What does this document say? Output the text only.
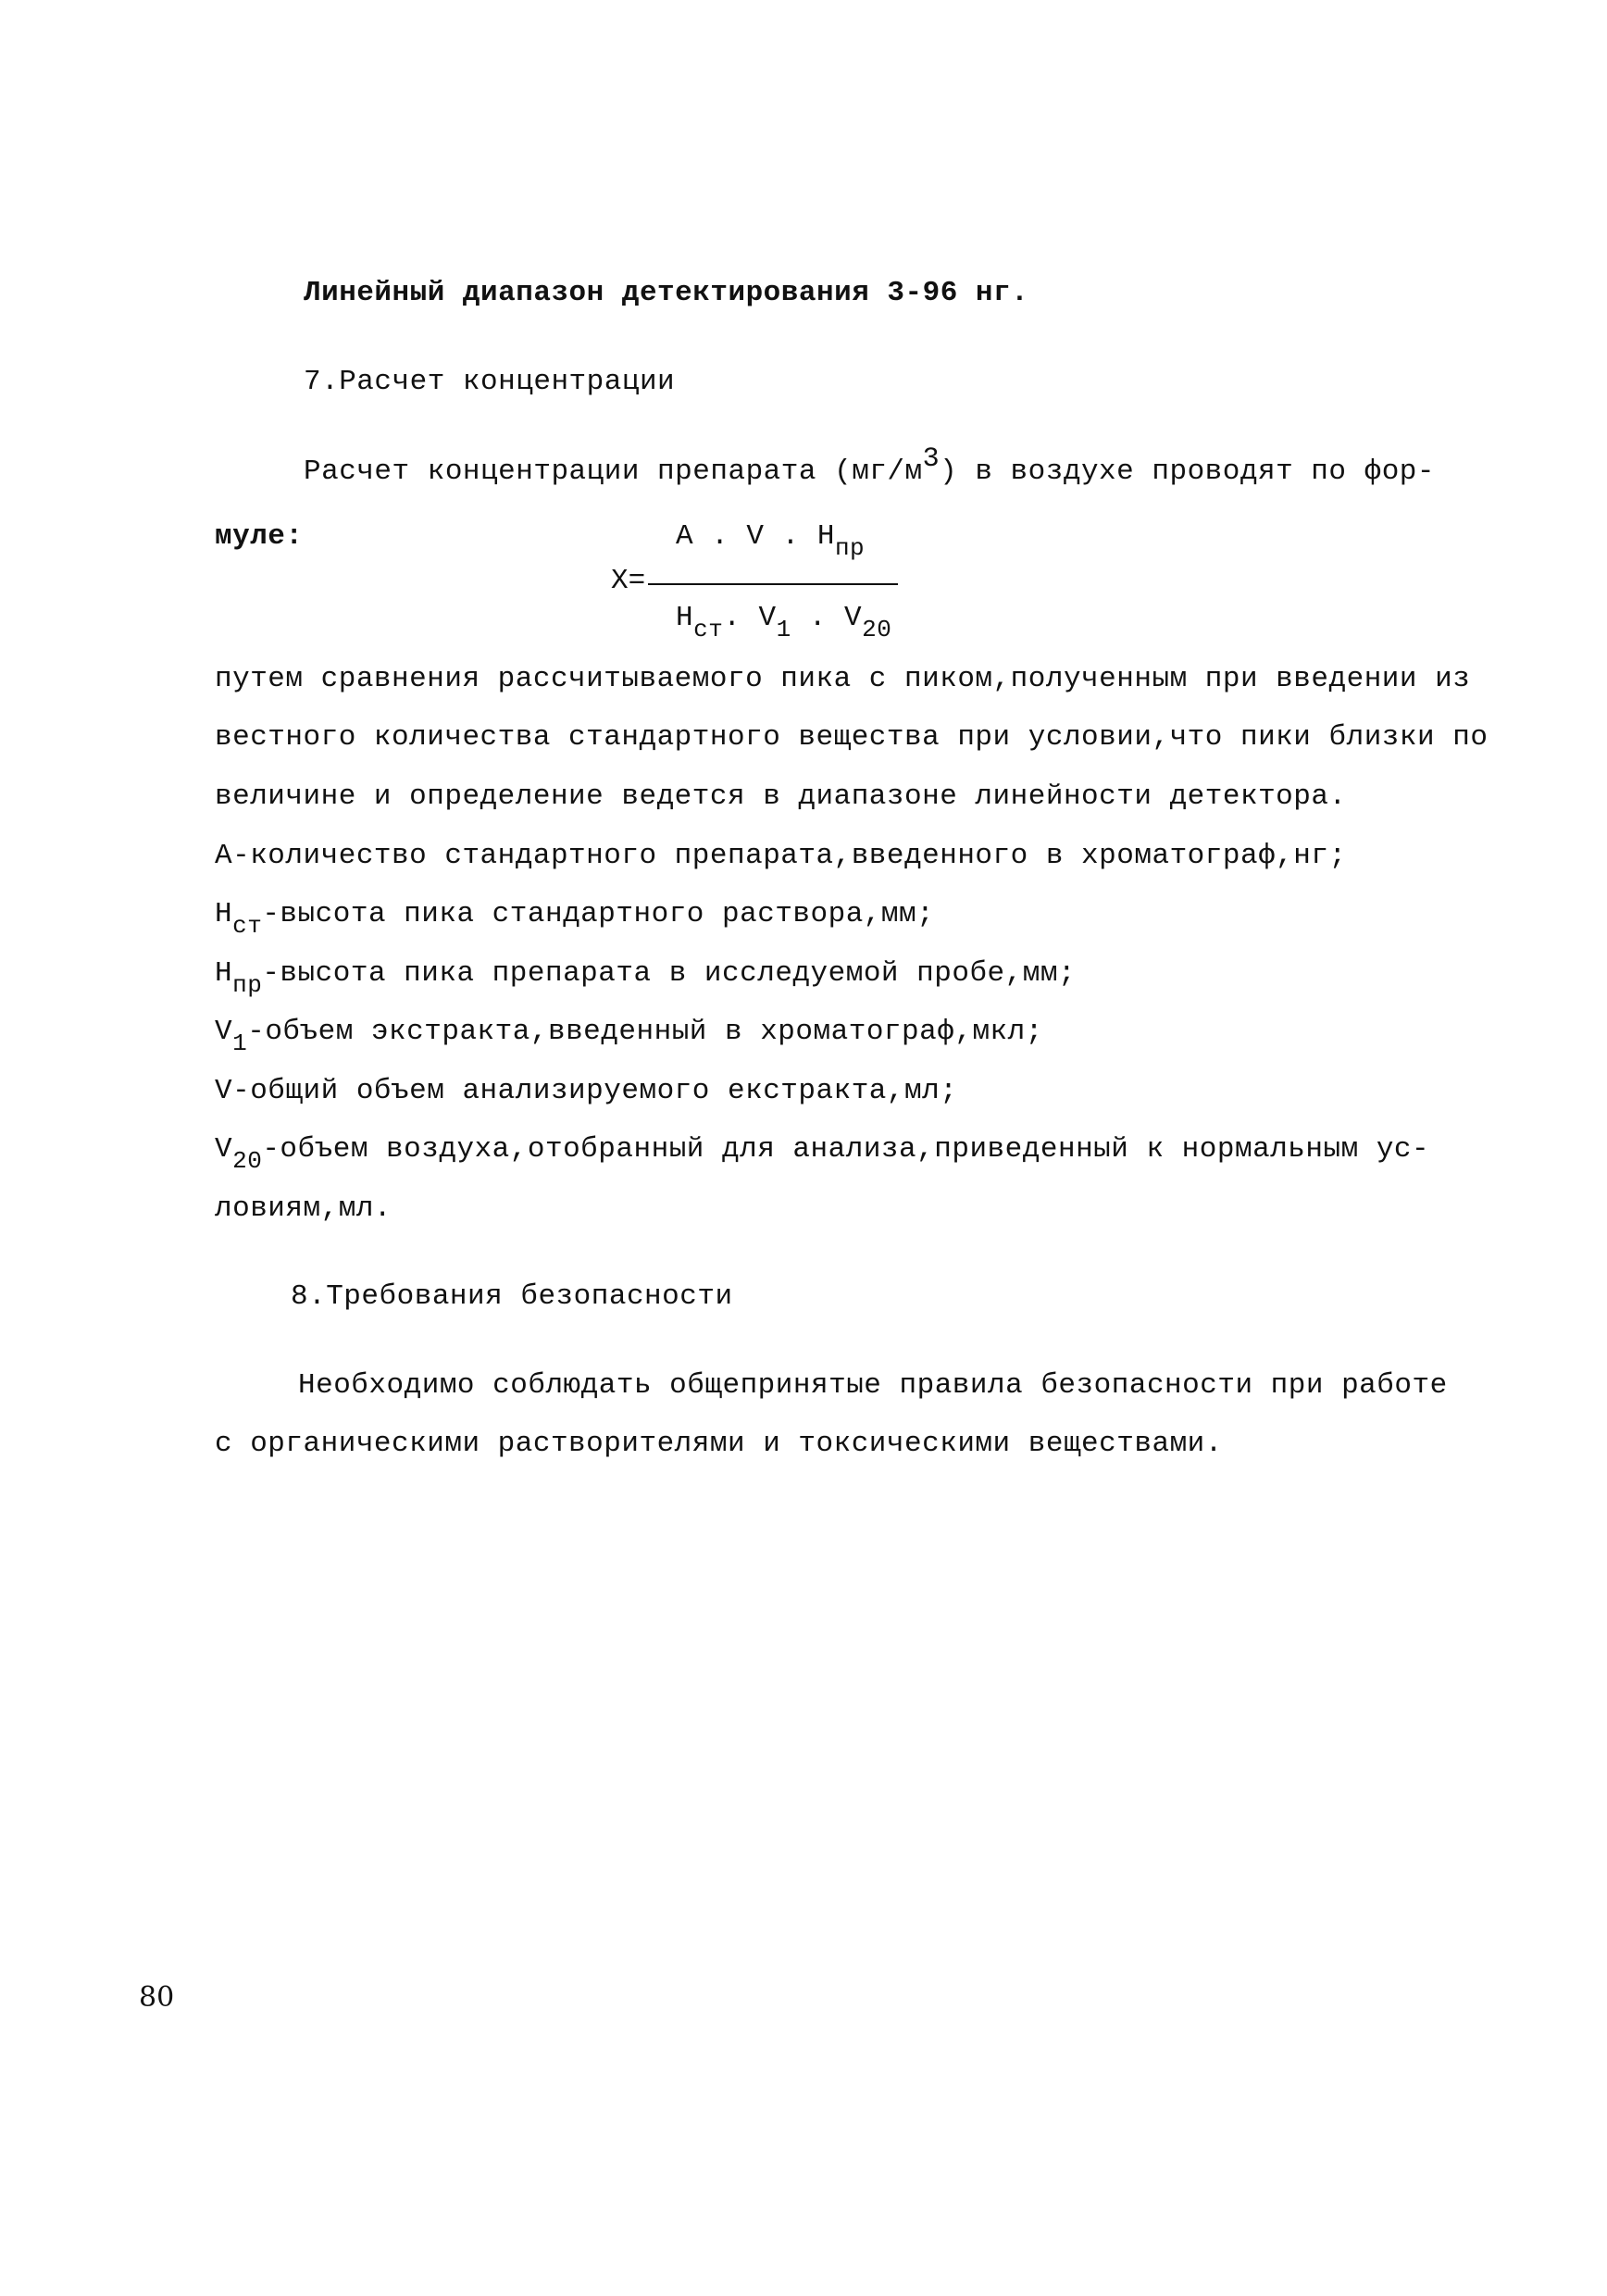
Линейный диапазон детектирования 3-96 нг.
7.Расчет концентрации
Расчет концентрации препарата (мг/м3) в воздухе проводят по фор-
муле:
X=
A . V . $H_{пр}$
$H_{ст}$. $V_1$ . $V_{20}$
путем сравнения рассчитываемого пика с пиком,полученным при введении из
вестного количества стандартного вещества при условии,что пики близки по
величине и определение ведется в диапазоне линейности детектора.
A-количество стандартного препарата,введенного в хроматограф,нг;
$H_{ст}$-высота пика стандартного раствора,мм;
$H_{пр}$-высота пика препарата в исследуемой пробе,мм;
$V_1$-объем экстракта,введенный в хроматограф,мкл;
V-общий объем анализируемого екстракта,мл;
$V_{20}$-объем воздуха,отобранный для анализа,приведенный к нормальным ус-
ловиям,мл.
8.Требования безопасности
Необходимо соблюдать общепринятые правила безопасности при работе
с органическими растворителями и токсическими веществами.
80
